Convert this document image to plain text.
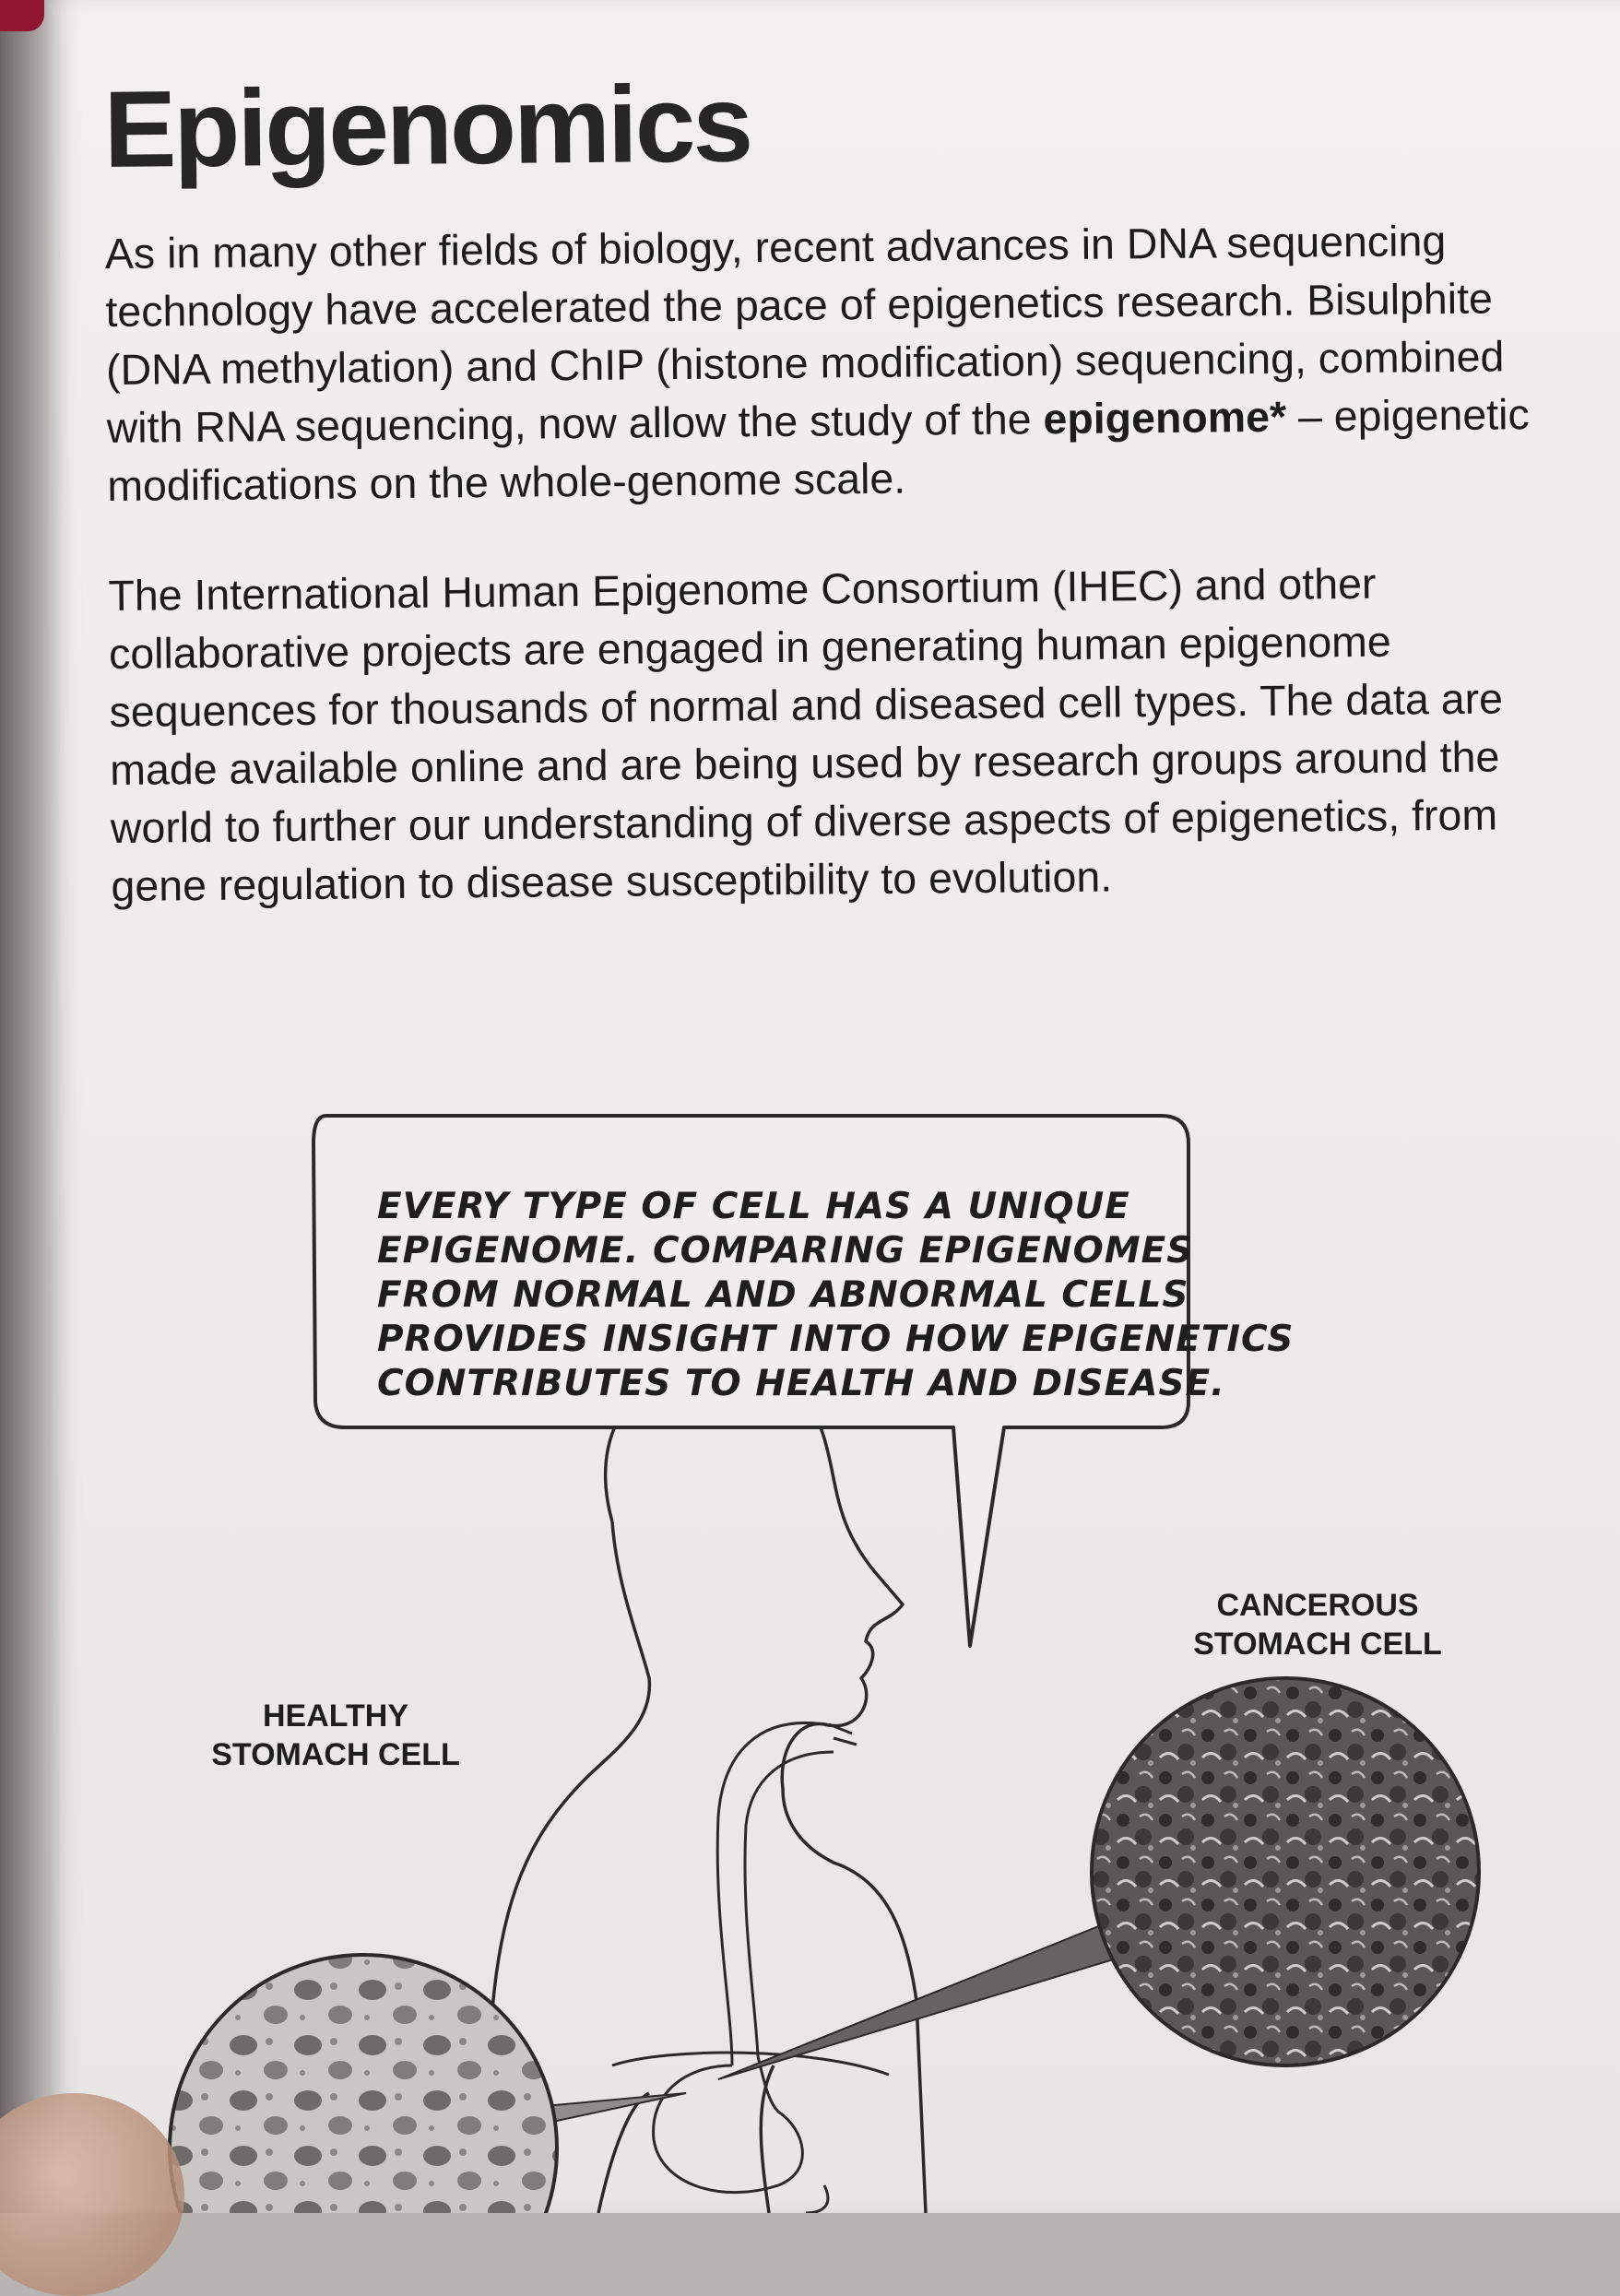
Epigenomics

As in many other fields of biology, recent advances in DNA sequencing technology have accelerated the pace of epigenetics research. Bisulphite (DNA methylation) and ChIP (histone modification) sequencing, combined with RNA sequencing, now allow the study of the epigenome* – epigenetic modifications on the whole-genome scale.

The International Human Epigenome Consortium (IHEC) and other collaborative projects are engaged in generating human epigenome sequences for thousands of normal and diseased cell types. The data are made available online and are being used by research groups around the world to further our understanding of diverse aspects of epigenetics, from gene regulation to disease susceptibility to evolution.

EVERY TYPE OF CELL HAS A UNIQUE EPIGENOME. COMPARING EPIGENOMES FROM NORMAL AND ABNORMAL CELLS PROVIDES INSIGHT INTO HOW EPIGENETICS CONTRIBUTES TO HEALTH AND DISEASE.
HEALTHY
STOMACH CELL
CANCEROUS
STOMACH CELL
